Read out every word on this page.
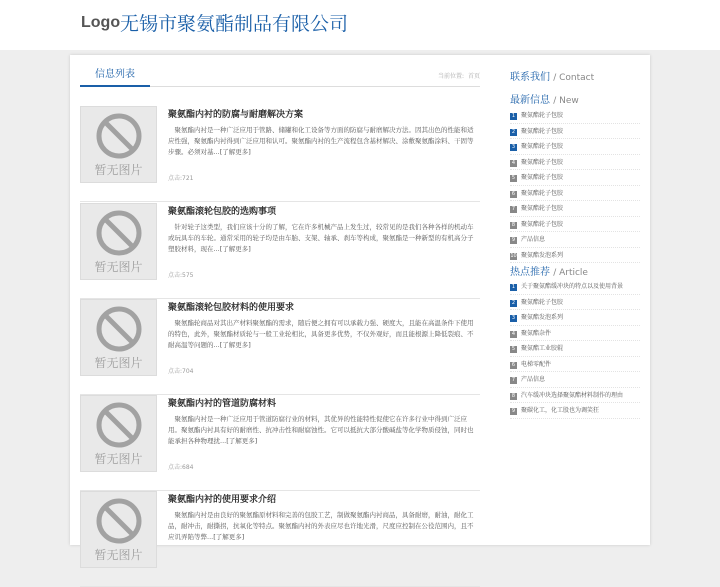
Logo 无锡市聚氨酯制品有限公司
信息列表	当前位置: 首页
暂无图片
聚氨酯内衬的防腐与耐磨解决方案
聚氨酯内衬是一种广泛应用于管路、储罐和化工设备等方面的防腐与耐磨解决方法。因其出色的性能和适应性强，聚氨酯内衬得到广泛应用和认可。聚氨酯内衬的生产流程包含基材解决、涂敷聚氨酯涂料、干固等步骤。必须对基...[了解更多]
点击:721
暂无图片
聚氨酯滚轮包胶的选购事项
针对轮子这类型，我们应该十分的了解，它在许多机械产品上发生过，较常见的是我们各种各样的机动车或玩具车的车轮。通常采用的轮子均是由车胎、支架、轴承、刹车等构成，聚氨酯是一种新型的有机高分子塑胶材料，现在...[了解更多]
点击:575
暂无图片
聚氨酯滚轮包胶材料的使用要求
聚氨酯轮商品对其出产材料聚氨酯的需求，随后便之拥有可以承载力强、硬度大，且能在高温条件下使用的特色，此外，聚氨酯材质轮与一般工业轮相比，具备更多优势，不仅外观好，而且能根源上降低裂痕、不耐高温等问题的...[了解更多]
点击:704
暂无图片
聚氨酯内衬的管道防腐材料
聚氨酯内衬是一种广泛应用于管道防腐行业的材料，其优异的性能特性促使它在许多行业中得到广泛应用。聚氨酯内衬具有好的耐磨性、抗冲击性和耐腐蚀性。它可以抵抗大部分酸碱盐等化学物质侵蚀，同时也能承担各种物理扰...[了解更多]
点击:684
暂无图片
聚氨酯内衬的使用要求介绍
聚氨酯内衬是由良好的聚氨酯原材料和完善的包胶工艺，制做聚氨酯内衬商品，具备耐磨，耐油，耐化工品，耐冲击，耐撕拐，抗氧化等特点。聚氨酯内衬的外表应尽也许地光滑，尺度应控制在公役范围内，且不应讥弄陷等弊...[了解更多]
联系我们 / Contact
最新信息 / New
1 聚氨酯轮子包胶
2 聚氨酯轮子包胶
3 聚氨酯轮子包胶
4 聚氨酯轮子包胶
5 聚氨酯轮子包胶
6 聚氨酯轮子包胶
7 聚氨酯轮子包胶
8 聚氨酯轮子包胶
9 产品信息
10 聚氨酯发泡系列
热点推荐 / Article
1 关于聚氨酯缓冲块的特点以及使用背景
2 聚氨酯轮子包胶
3 聚氨酯发泡系列
4 聚氨酯杂件
5 聚氨酯工业胶辊
6 电梯零配件
7 产品信息
8 汽车缓冲块选择聚氨酯材料制作的理由
9 聚碳化工，化工股也为调笑狂
